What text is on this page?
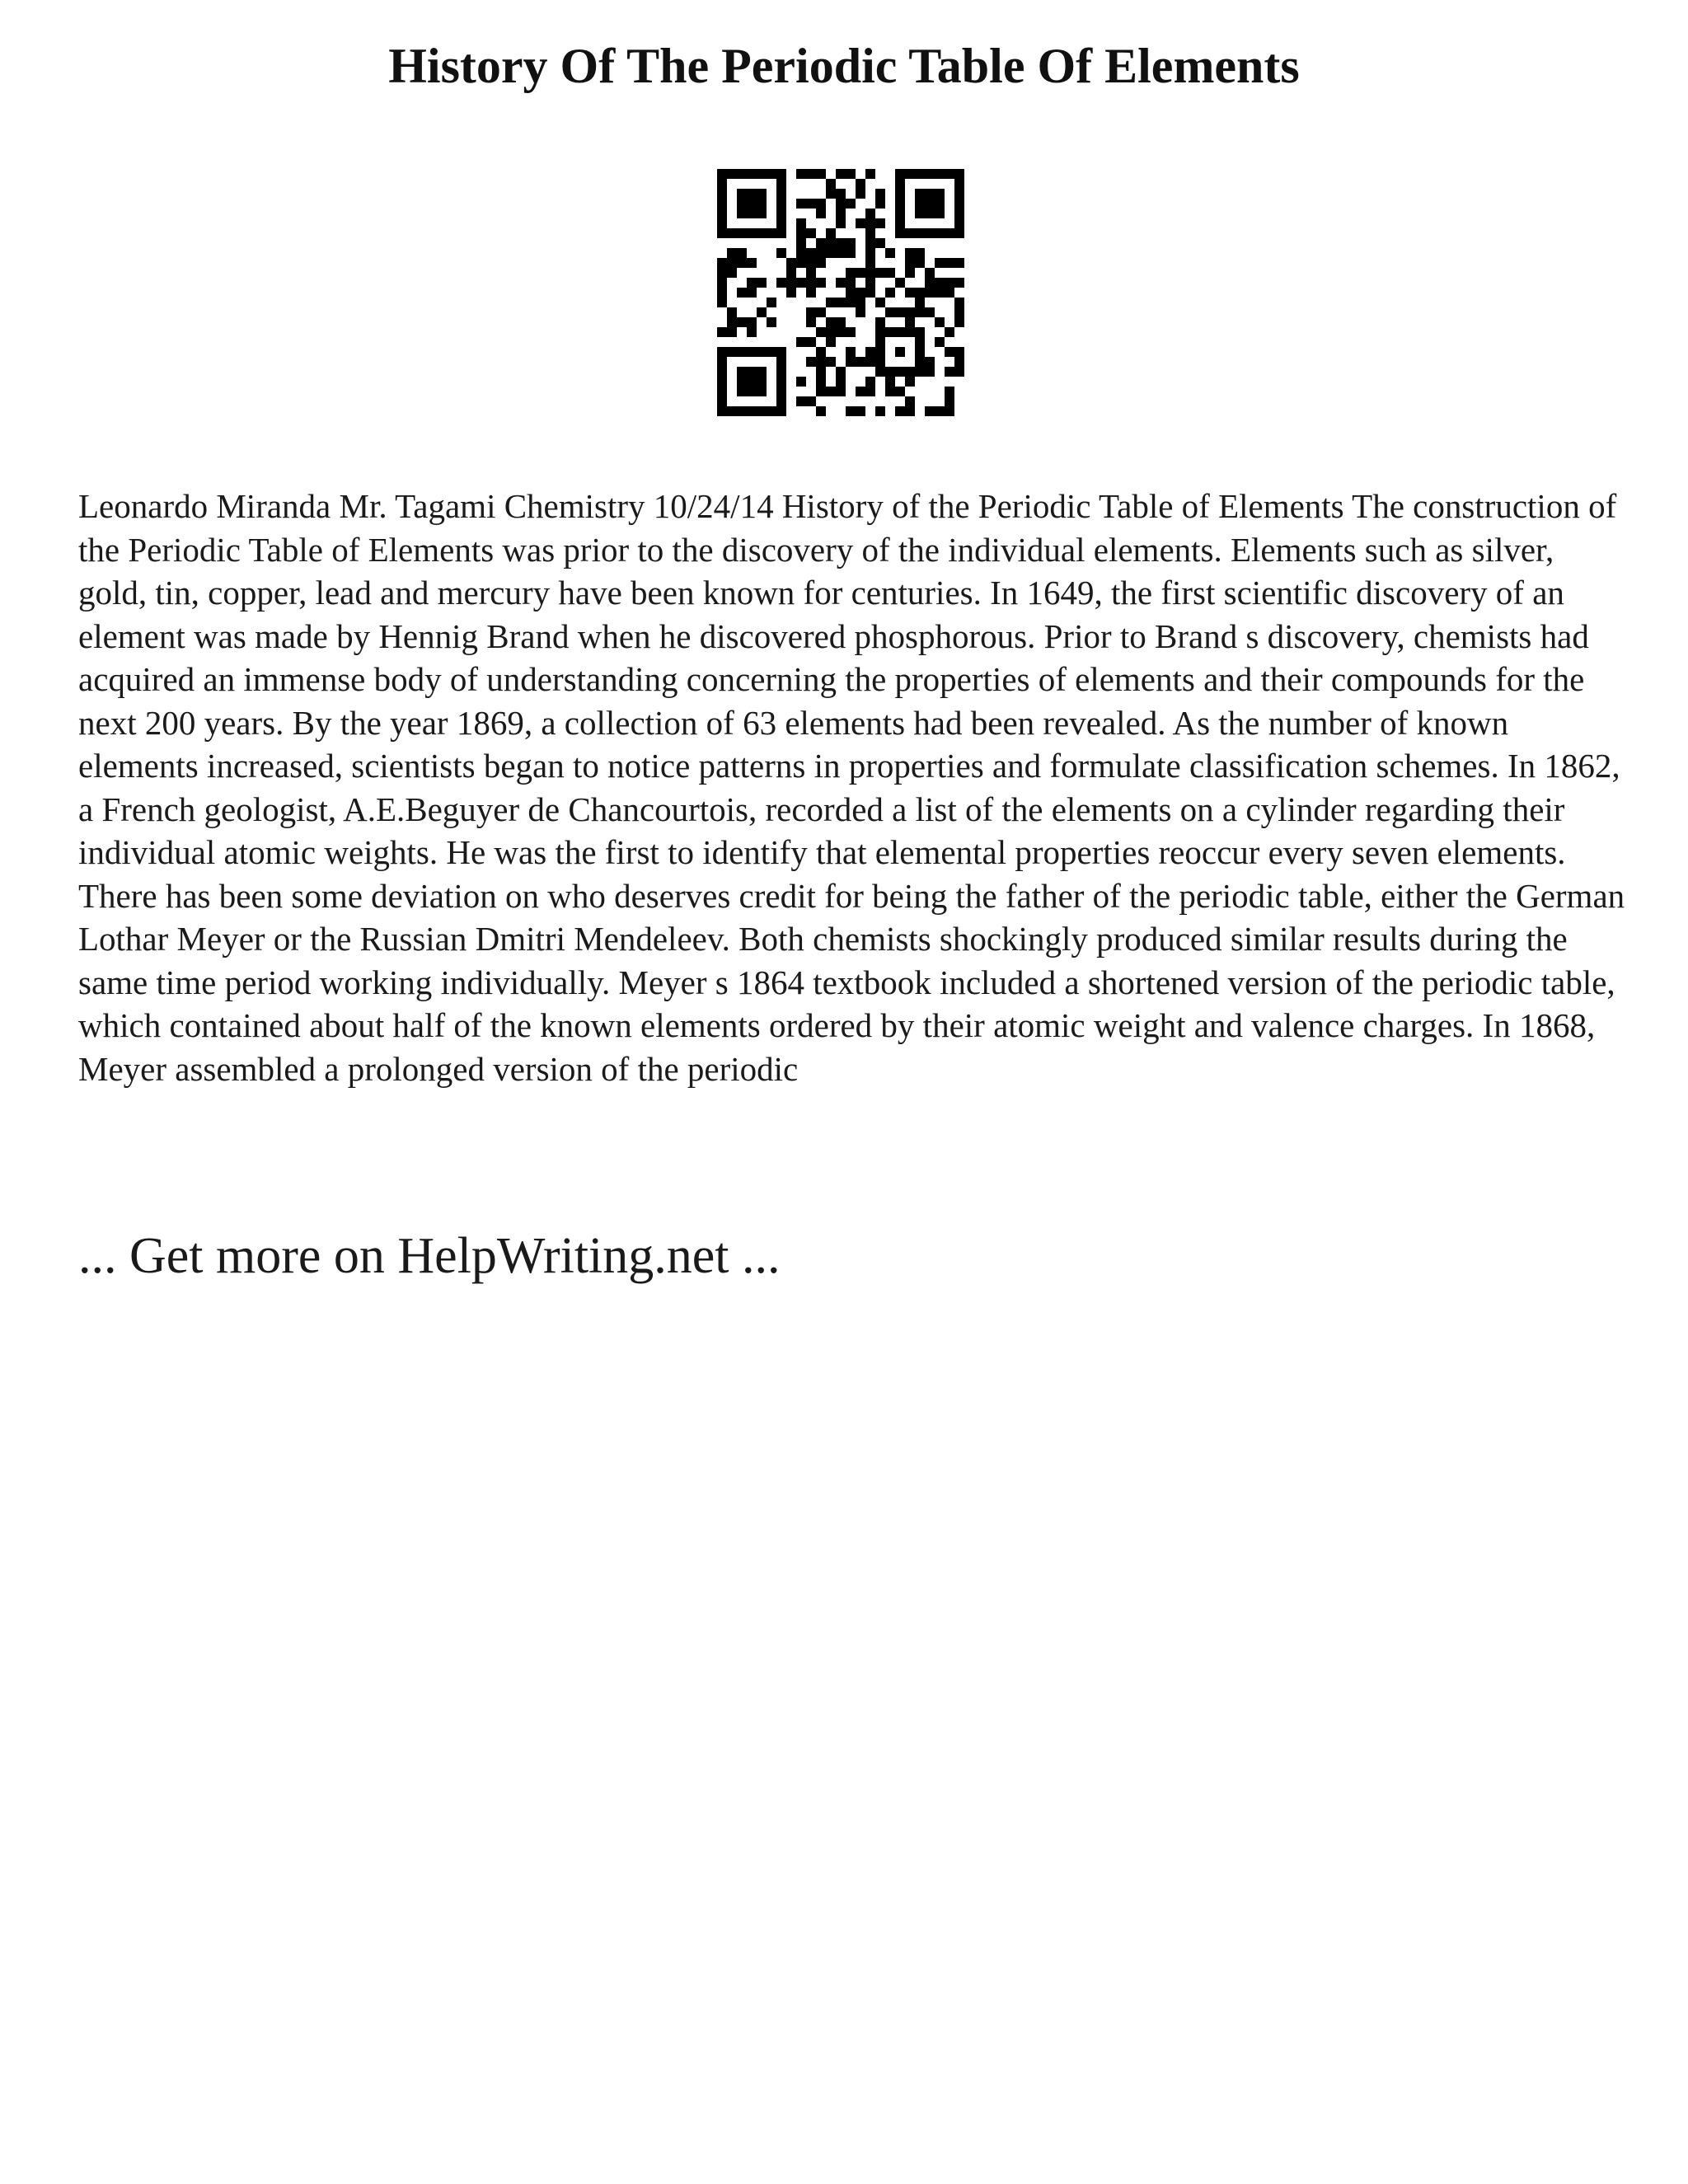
History Of The Periodic Table Of Elements

Leonardo Miranda Mr. Tagami Chemistry 10/24/14 History of the Periodic Table of Elements The construction of the Periodic Table of Elements was prior to the discovery of the individual elements. Elements such as silver, gold, tin, copper, lead and mercury have been known for centuries. In 1649, the first scientific discovery of an element was made by Hennig Brand when he discovered phosphorous. Prior to Brand s discovery, chemists had acquired an immense body of understanding concerning the properties of elements and their compounds for the next 200 years. By the year 1869, a collection of 63 elements had been revealed. As the number of known elements increased, scientists began to notice patterns in properties and formulate classification schemes. In 1862, a French geologist, A.E.Beguyer de Chancourtois, recorded a list of the elements on a cylinder regarding their individual atomic weights. He was the first to identify that elemental properties reoccur every seven elements. There has been some deviation on who deserves credit for being the father of the periodic table, either the German Lothar Meyer or the Russian Dmitri Mendeleev. Both chemists shockingly produced similar results during the same time period working individually. Meyer s 1864 textbook included a shortened version of the periodic table, which contained about half of the known elements ordered by their atomic weight and valence charges. In 1868, Meyer assembled a prolonged version of the periodic

... Get more on HelpWriting.net ...
